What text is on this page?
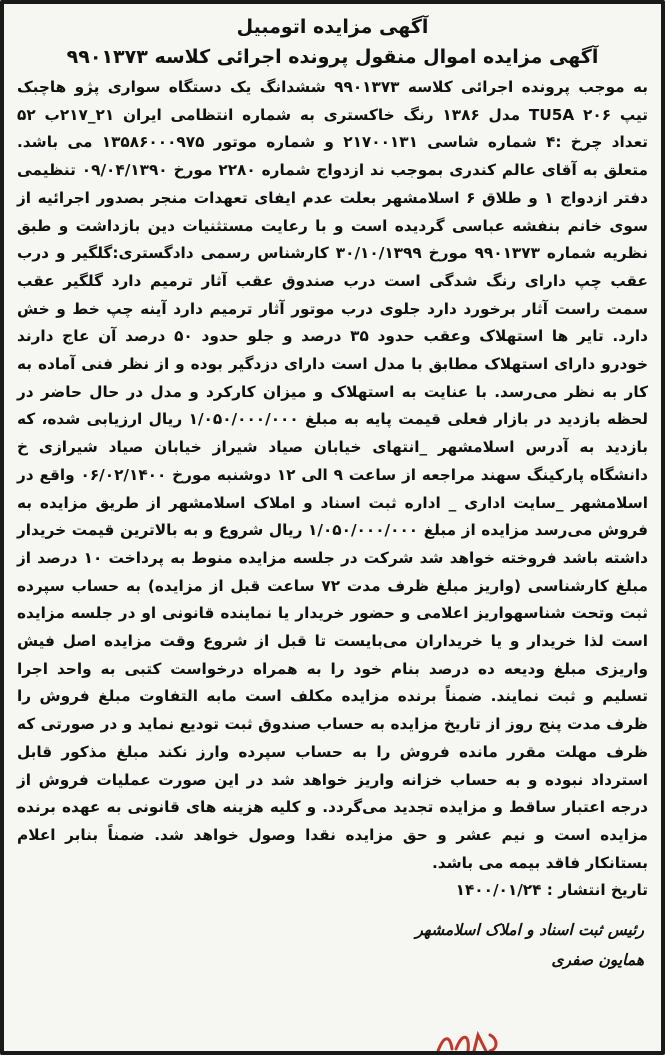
آگهی مزایده اتومبیل

آگهی مزایده اموال منقول پرونده اجرائی کلاسه ۹۹۰۱۳۷۳

به موجب پرونده اجرائی کلاسه ۹۹۰۱۳۷۳ ششدانگ یک دستگاه سواری پژو هاچبک تیپ ۲۰۶ TU5A مدل ۱۳۸۶ رنگ خاکستری به شماره انتظامی ایران ۲۱_۲۱۷ب ۵۲ تعداد چرخ :۴ شماره شاسی ۲۱۷۰۰۱۳۱ و شماره موتور ۱۳۵۸۶۰۰۰۹۷۵ می باشد. متعلق به آقای عالم کندری بموجب ند ازدواج شماره ۲۲۸۰ مورخ ۰۹/۰۴/۱۳۹۰ تنظیمی دفتر ازدواج ۱ و طلاق ۶ اسلامشهر بعلت عدم ایفای تعهدات منجر بصدور اجرائیه از سوی خانم بنفشه عباسی گردیده است و با رعایت مستثنیات دین بازداشت و طبق نظریه شماره ۹۹۰۱۳۷۳ مورخ ۳۰/۱۰/۱۳۹۹ کارشناس رسمی دادگستری:گلگیر و درب عقب چپ دارای رنگ شدگی است درب صندوق عقب آثار ترمیم دارد گلگیر عقب سمت راست آثار برخورد دارد جلوی درب موتور آثار ترمیم دارد آینه چپ خط و خش دارد. تایر ها استهلاک وعقب حدود ۳۵ درصد و جلو حدود ۵۰ درصد آن عاج دارند خودرو دارای استهلاک مطابق با مدل است دارای دزدگیر بوده و از نظر فنی آماده به کار به نظر می‌رسد. با عنایت به استهلاک و میزان کارکرد و مدل در حال حاضر در لحظه بازدید در بازار فعلی قیمت پایه به مبلغ ۱/۰۵۰/۰۰۰/۰۰۰ ریال ارزیابی شده، که بازدید به آدرس اسلامشهر _انتهای خیابان صیاد شیراز خیابان صیاد شیرازی خ دانشگاه پارکینگ سهند مراجعه از ساعت ۹ الی ۱۲ دوشنبه مورخ ۰۶/۰۲/۱۴۰۰ واقع در اسلامشهر _سایت اداری _ اداره ثبت اسناد و املاک اسلامشهر از طریق مزایده به فروش می‌رسد مزایده از مبلغ ۱/۰۵۰/۰۰۰/۰۰۰ ریال شروع و به بالاترین قیمت خریدار داشته باشد فروخته خواهد شد شرکت در جلسه مزایده منوط به پرداخت ۱۰ درصد از مبلغ کارشناسی (واریز مبلغ ظرف مدت ۷۲ ساعت قبل از مزایده) به حساب سپرده ثبت وتحت شناسهواریز اعلامی و حضور خریدار یا نماینده قانونی او در جلسه مزایده است لذا خریدار و یا خریداران می‌بایست تا قبل از شروع وقت مزایده اصل فیش واریزی مبلغ ودیعه ده درصد بنام خود را به همراه درخواست کتبی به واحد اجرا تسلیم و ثبت نمایند. ضمناً برنده مزایده مکلف است مابه التفاوت مبلغ فروش را ظرف مدت پنج روز از تاریخ مزایده به حساب صندوق ثبت تودیع نماید و در صورتی که ظرف مهلت مقرر مانده فروش را به حساب سپرده وارز نکند مبلغ مذکور قابل استرداد نبوده و به حساب خزانه واریز خواهد شد در این صورت عملیات فروش از درجه اعتبار ساقط و مزایده تجدید می‌گردد. و کلیه هزینه های قانونی به عهده برنده مزایده است و نیم عشر و حق مزایده نقدا وصول خواهد شد. ضمناً بنابر اعلام بستانکار فاقد بیمه می باشد.

تاریخ انتشار : ۱۴۰۰/۰۱/۲۴

رئیس ثبت اسناد و املاک اسلامشهر

همایون صفری
